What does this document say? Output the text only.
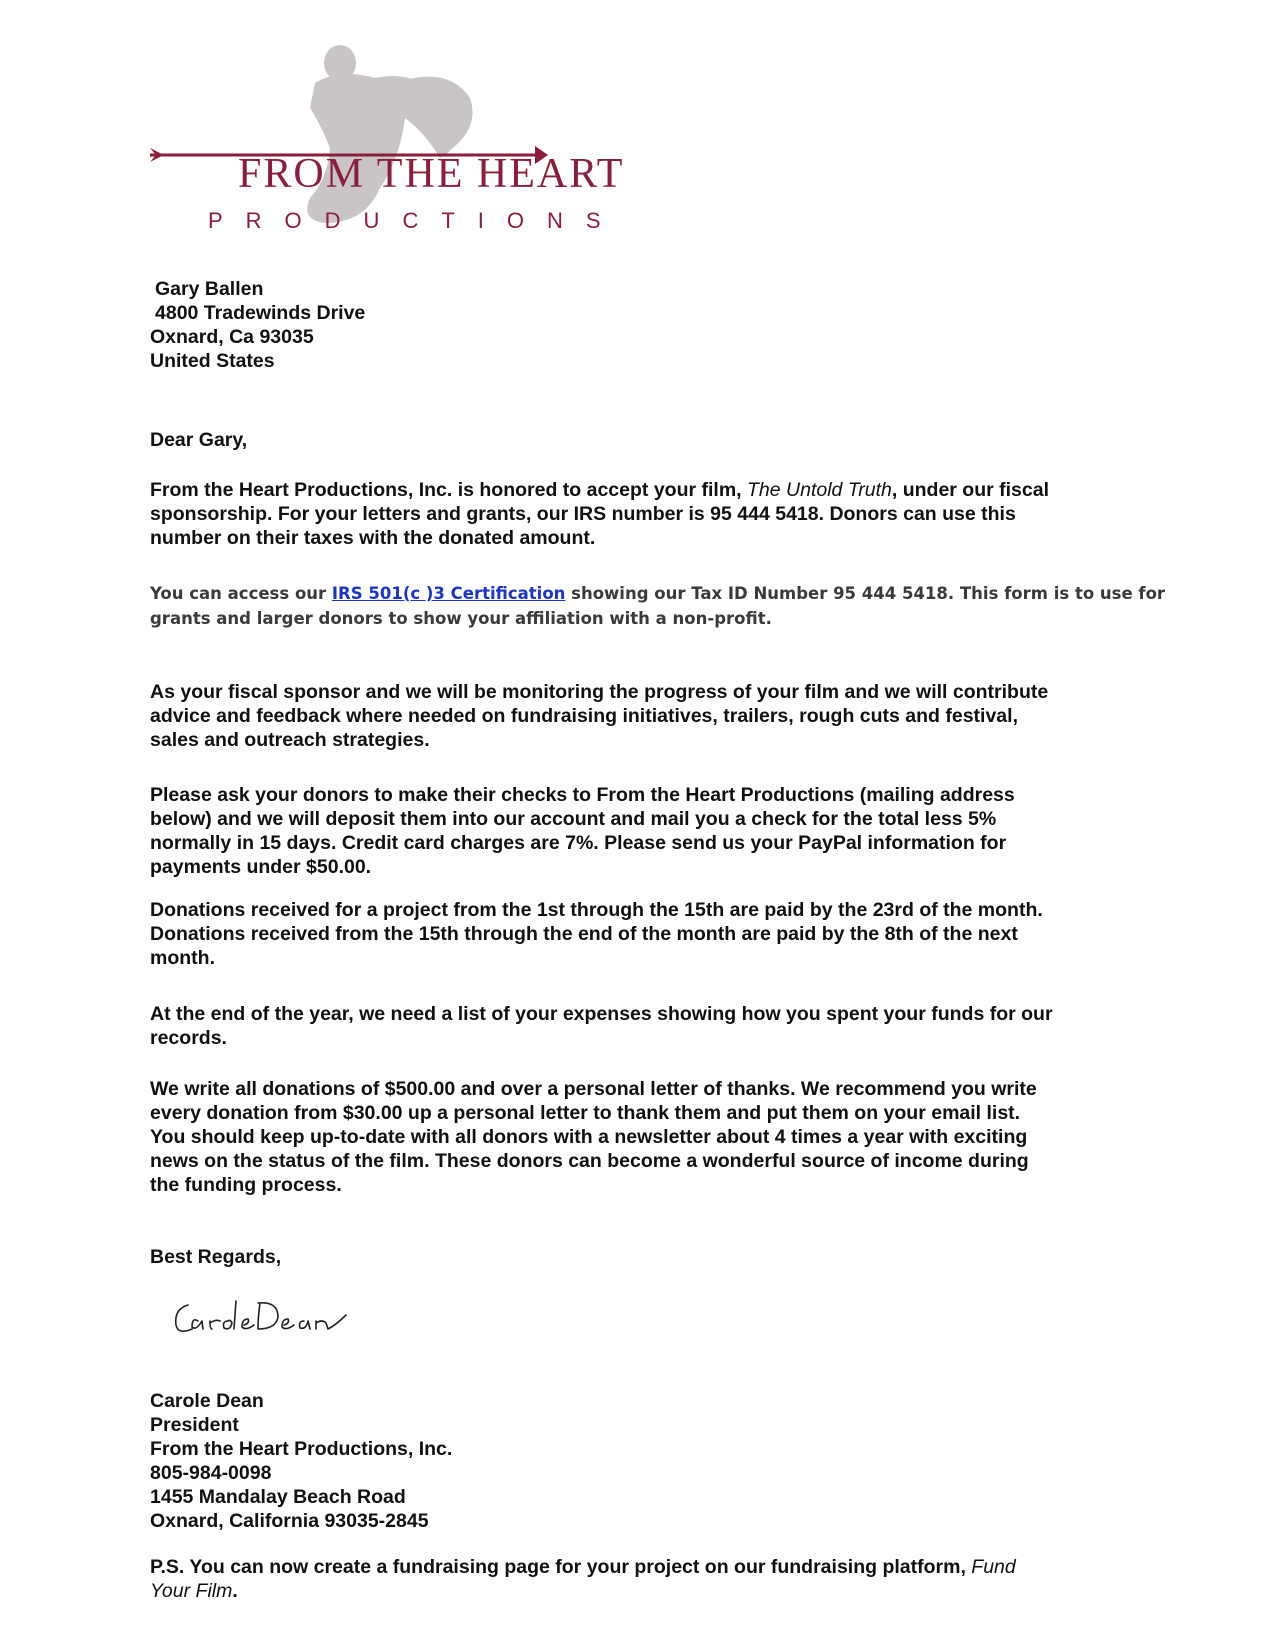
FROM THE HEART
PRODUCTIONS
Gary Ballen
4800 Tradewinds Drive
Oxnard, Ca 93035
United States
Dear Gary,
From the Heart Productions, Inc. is honored to accept your film, The Untold Truth, under our fiscal
sponsorship. For your letters and grants, our IRS number is 95 444 5418. Donors can use this
number on their taxes with the donated amount.
You can access our IRS 501(c )3 Certification showing our Tax ID Number 95 444 5418. This form is to use for
grants and larger donors to show your affiliation with a non-profit.
As your fiscal sponsor and we will be monitoring the progress of your film and we will contribute
advice and feedback where needed on fundraising initiatives, trailers, rough cuts and festival,
sales and outreach strategies.
Please ask your donors to make their checks to From the Heart Productions (mailing address
below) and we will deposit them into our account and mail you a check for the total less 5%
normally in 15 days. Credit card charges are 7%. Please send us your PayPal information for
payments under $50.00.
Donations received for a project from the 1st through the 15th are paid by the 23rd of the month.
Donations received from the 15th through the end of the month are paid by the 8th of the next
month.
At the end of the year, we need a list of your expenses showing how you spent your funds for our
records.
We write all donations of $500.00 and over a personal letter of thanks. We recommend you write
every donation from $30.00 up a personal letter to thank them and put them on your email list.
You should keep up-to-date with all donors with a newsletter about 4 times a year with exciting
news on the status of the film. These donors can become a wonderful source of income during
the funding process.
Best Regards,
Carole Dean
President
From the Heart Productions, Inc.
805-984-0098
1455 Mandalay Beach Road
Oxnard, California 93035-2845
P.S. You can now create a fundraising page for your project on our fundraising platform, Fund
Your Film.
